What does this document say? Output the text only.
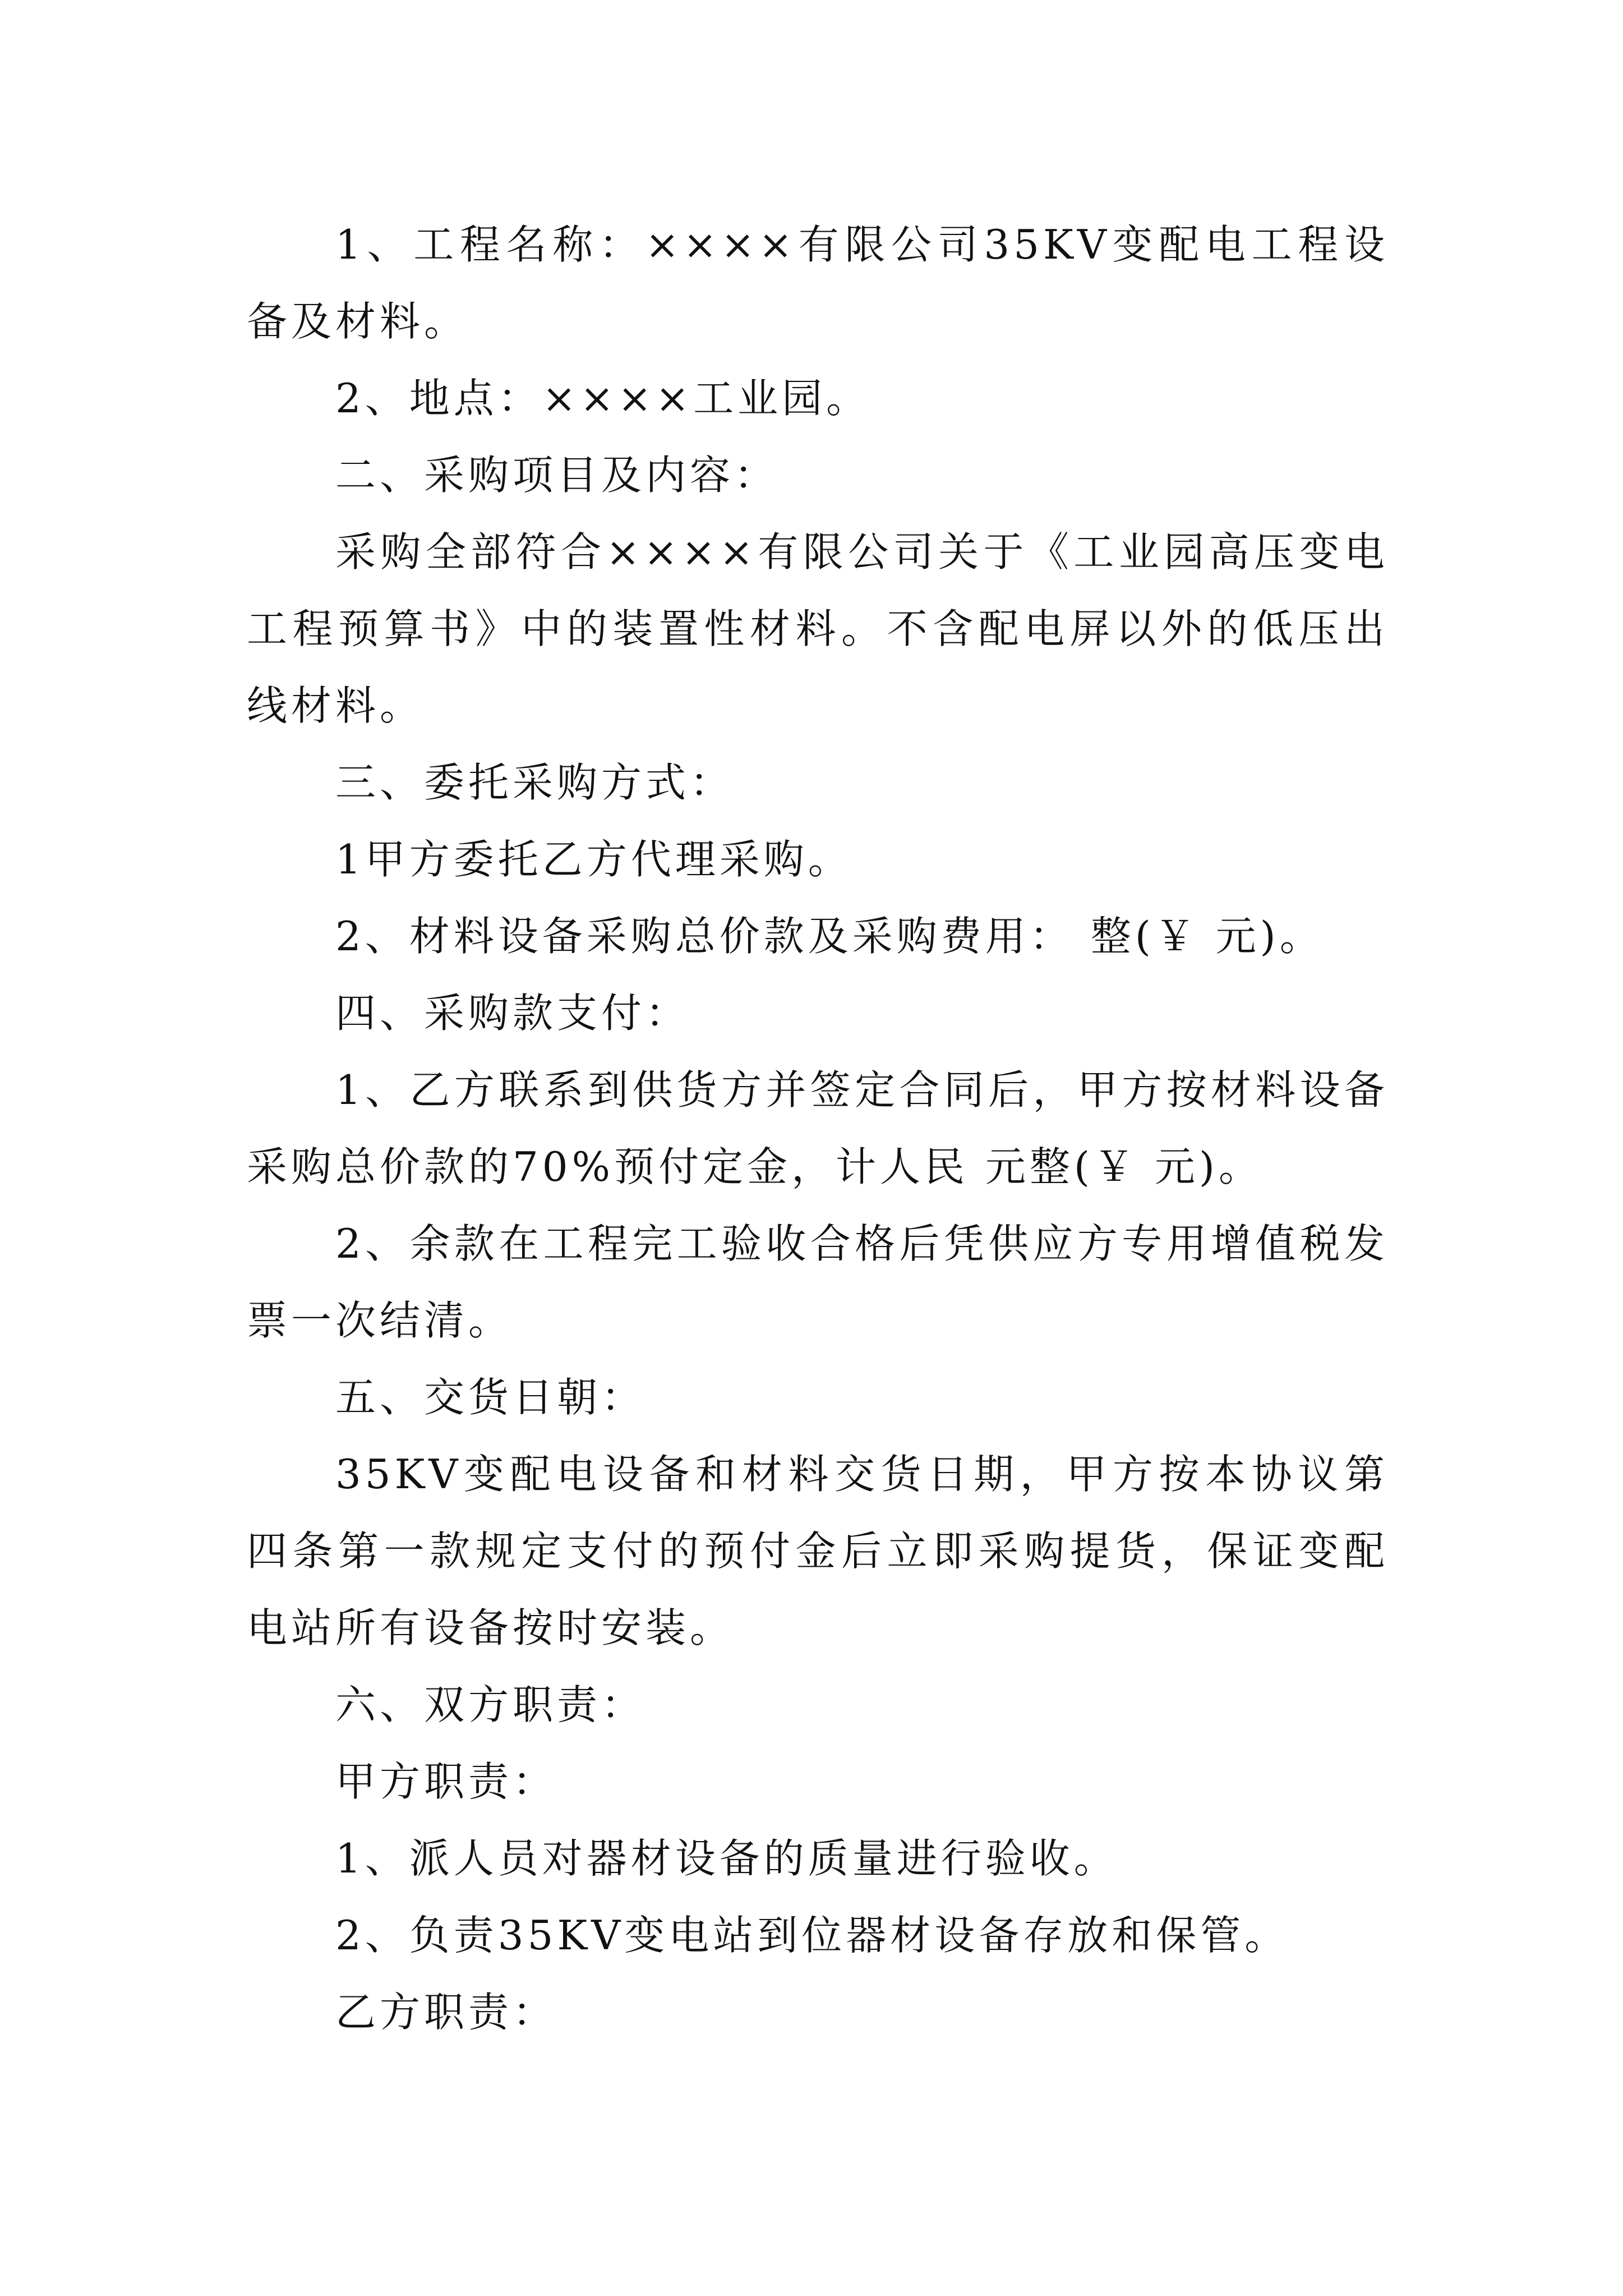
1、工程名称：××××有限公司35KV变配电工程设备及材料。

2、地点：××××工业园。

二、采购项目及内容：

采购全部符合××××有限公司关于《工业园高压变电工程预算书》中的装置性材料。不含配电屏以外的低压出线材料。

三、委托采购方式：

1甲方委托乙方代理采购。

2、材料设备采购总价款及采购费用： 整(￥ 元)。

四、采购款支付：

1、乙方联系到供货方并签定合同后，甲方按材料设备采购总价款的70%预付定金，计人民 元整(￥ 元)。

2、余款在工程完工验收合格后凭供应方专用增值税发票一次结清。

五、交货日朝：

35KV变配电设备和材料交货日期，甲方按本协议第四条第一款规定支付的预付金后立即采购提货，保证变配电站所有设备按时安装。

六、双方职责：

甲方职责：

1、派人员对器材设备的质量进行验收。

2、负责35KV变电站到位器材设备存放和保管。

乙方职责：
